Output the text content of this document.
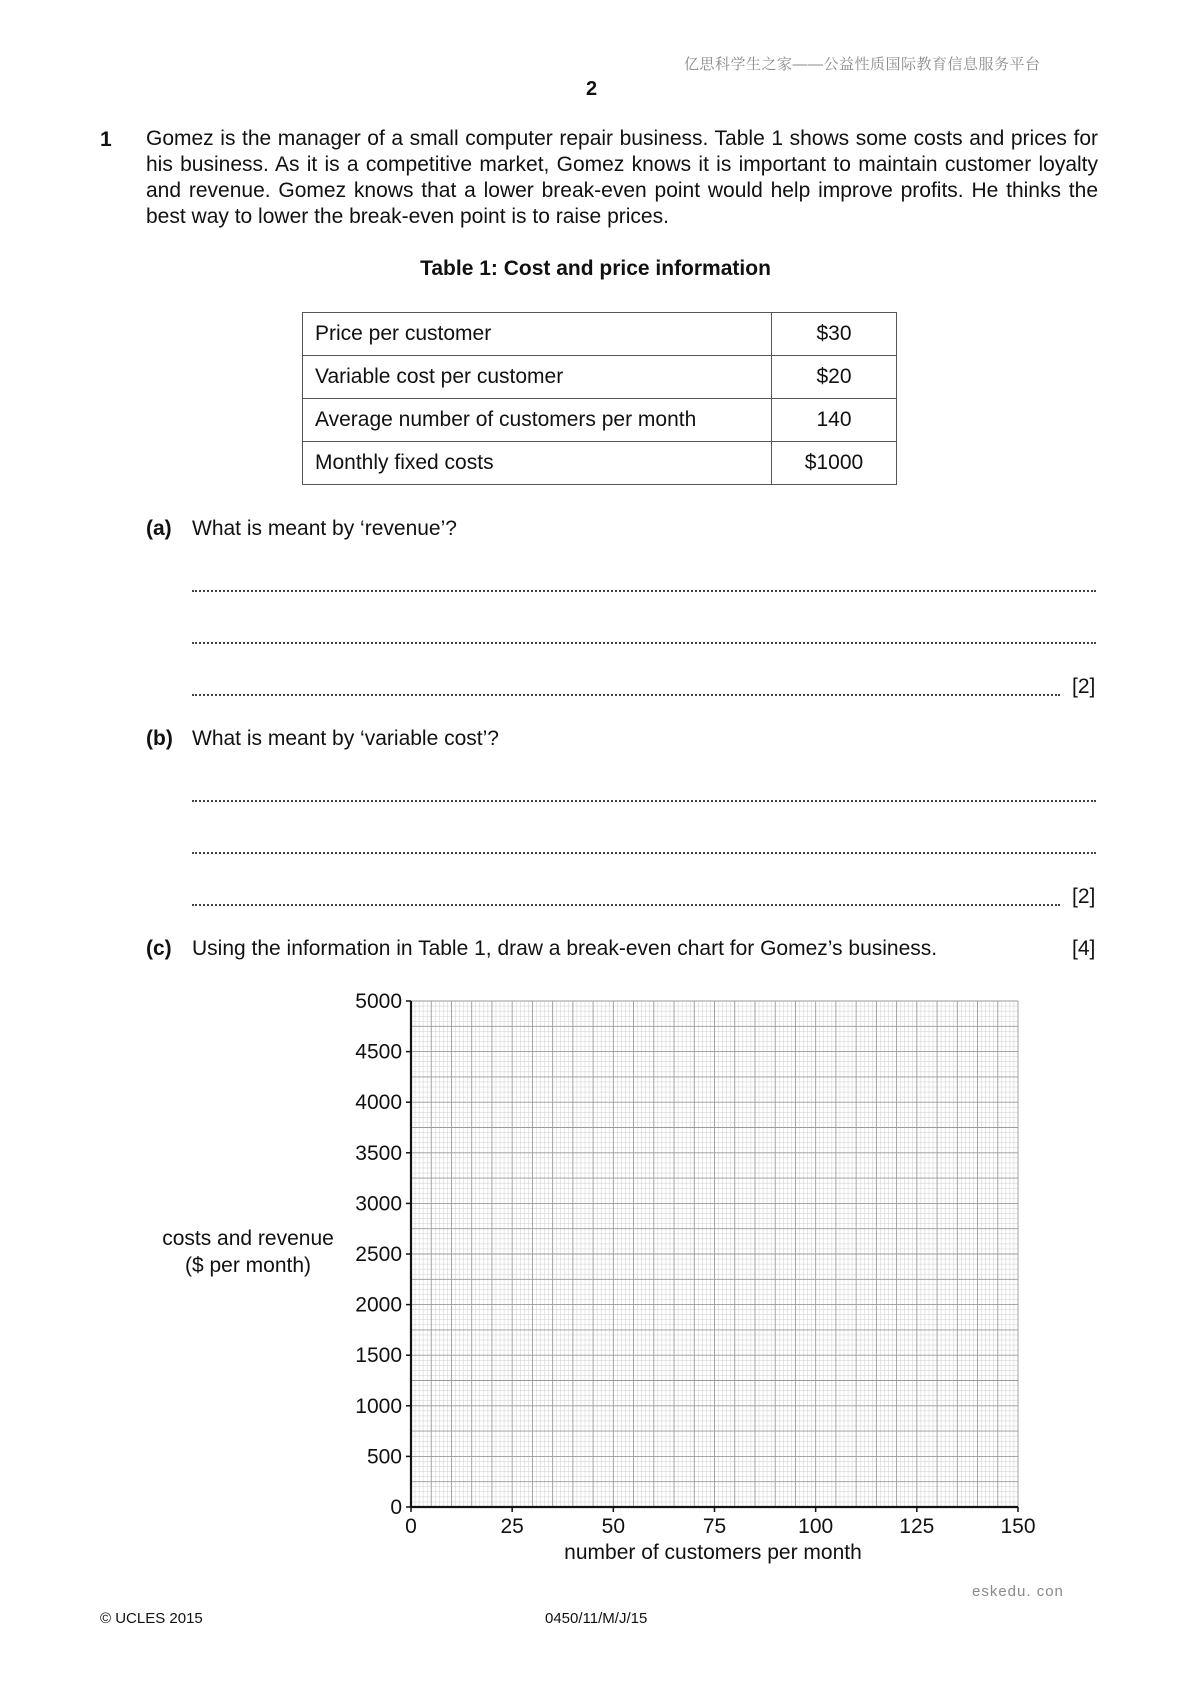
亿思科学生之家——公益性质国际教育信息服务平台
2
1 Gomez is the manager of a small computer repair business. Table 1 shows some costs and prices for his business. As it is a competitive market, Gomez knows it is important to maintain customer loyalty and revenue. Gomez knows that a lower break-even point would help improve profits. He thinks the best way to lower the break-even point is to raise prices.
Table 1: Cost and price information
Price per customer	$30
Variable cost per customer	$20
Average number of customers per month	140
Monthly fixed costs	$1000
(a) What is meant by ‘revenue’?
[2]
(b) What is meant by ‘variable cost’?
[2]
(c) Using the information in Table 1, draw a break-even chart for Gomez’s business.	[4]
0
500
1000
1500
2000
2500
3000
3500
4000
4500
5000
0	25	50	75	100	125	150
costs and revenue
($ per month)
number of customers per month
© UCLES 2015	0450/11/M/J/15
eskedu. con
